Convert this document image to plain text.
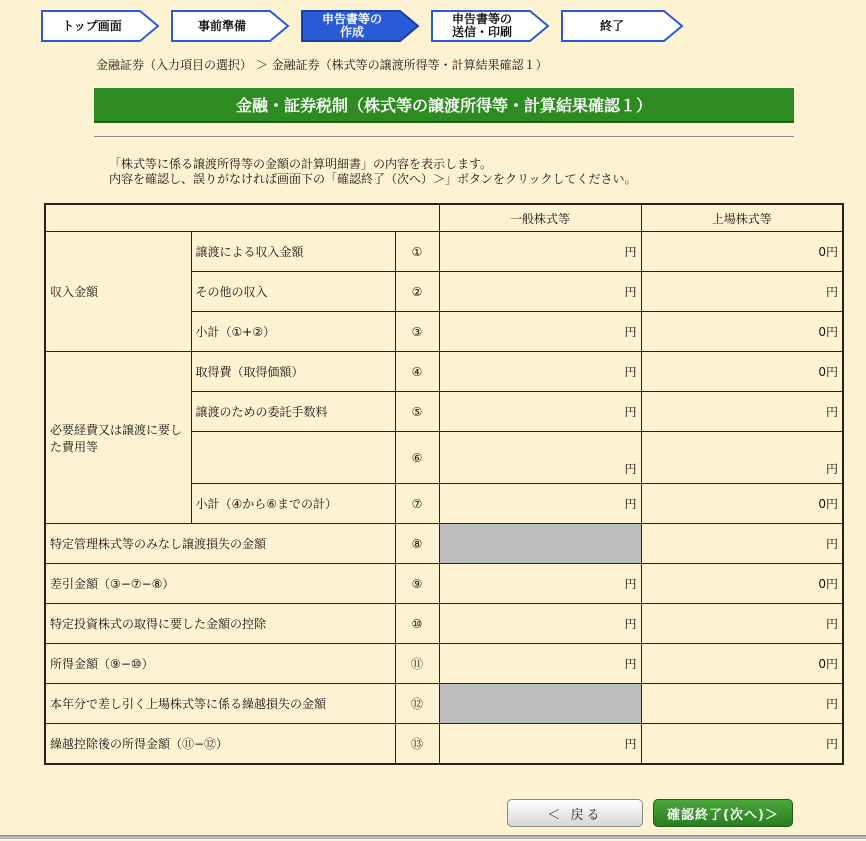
トップ画面	事前準備	申告書等の
作成
申告書等の
送信・印刷	終了
金融証券（入力項目の選択） ＞ 金融証券（株式等の譲渡所得等・計算結果確認１）
金融・証券税制（株式等の譲渡所得等・計算結果確認１）
「株式等に係る譲渡所得等の金額の計算明細書」の内容を表示します。
内容を確認し、誤りがなければ画面下の「確認終了（次へ）＞」ボタンをクリックしてください。
			一般株式等	上場株式等
収入金額	譲渡による収入金額	①	円	0円
	その他の収入	②	円	円
	小計（①+②）	③	円	0円
必要経費又は譲渡に要した費用等	取得費（取得価額）	④	円	0円
	譲渡のための委託手数料	⑤	円	円
		⑥	円	円
	小計（④から⑥までの計）	⑦	円	0円
特定管理株式等のみなし譲渡損失の金額		⑧		円
差引金額（③−⑦−⑧）		⑨	円	0円
特定投資株式の取得に要した金額の控除		⑩	円	円
所得金額（⑨−⑩）		⑪	円	0円
本年分で差し引く上場株式等に係る繰越損失の金額		⑫		円
繰越控除後の所得金額（⑪−⑫）		⑬	円	円
＜ 戻る	確認終了(次へ)＞
